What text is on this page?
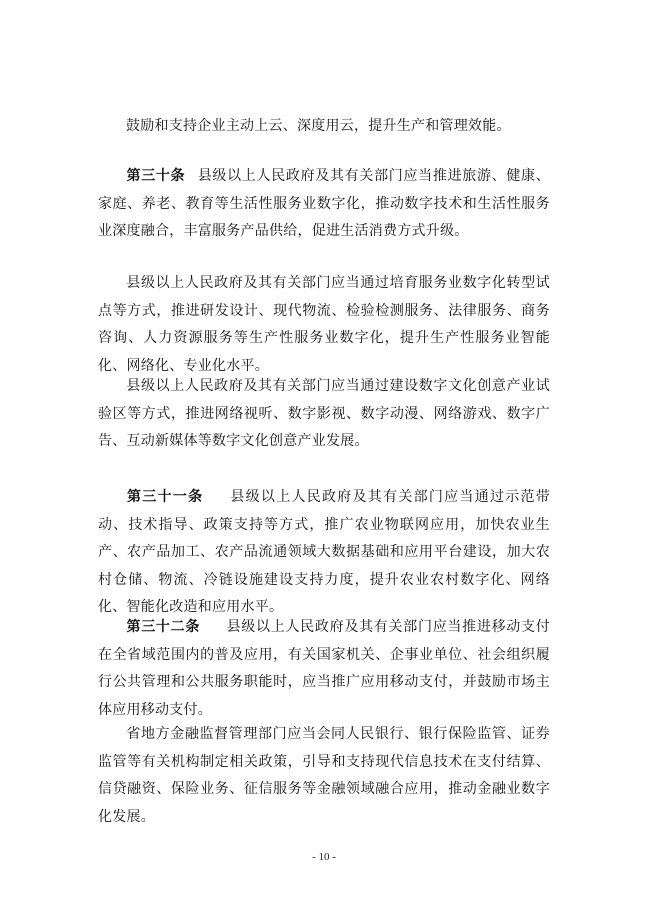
鼓励和支持企业主动上云、深度用云，提升生产和管理效能。

第三十条 县级以上人民政府及其有关部门应当推进旅游、健康、家庭、养老、教育等生活性服务业数字化，推动数字技术和生活性服务业深度融合，丰富服务产品供给，促进生活消费方式升级。

县级以上人民政府及其有关部门应当通过培育服务业数字化转型试点等方式，推进研发设计、现代物流、检验检测服务、法律服务、商务咨询、人力资源服务等生产性服务业数字化，提升生产性服务业智能化、网络化、专业化水平。

县级以上人民政府及其有关部门应当通过建设数字文化创意产业试验区等方式，推进网络视听、数字影视、数字动漫、网络游戏、数字广告、互动新媒体等数字文化创意产业发展。

第三十一条 县级以上人民政府及其有关部门应当通过示范带动、技术指导、政策支持等方式，推广农业物联网应用，加快农业生产、农产品加工、农产品流通领域大数据基础和应用平台建设，加大农村仓储、物流、冷链设施建设支持力度，提升农业农村数字化、网络化、智能化改造和应用水平。

第三十二条 县级以上人民政府及其有关部门应当推进移动支付在全省域范围内的普及应用，有关国家机关、企事业单位、社会组织履行公共管理和公共服务职能时，应当推广应用移动支付，并鼓励市场主体应用移动支付。

省地方金融监督管理部门应当会同人民银行、银行保险监管、证券监管等有关机构制定相关政策，引导和支持现代信息技术在支付结算、信贷融资、保险业务、征信服务等金融领域融合应用，推动金融业数字化发展。

- 10 -
